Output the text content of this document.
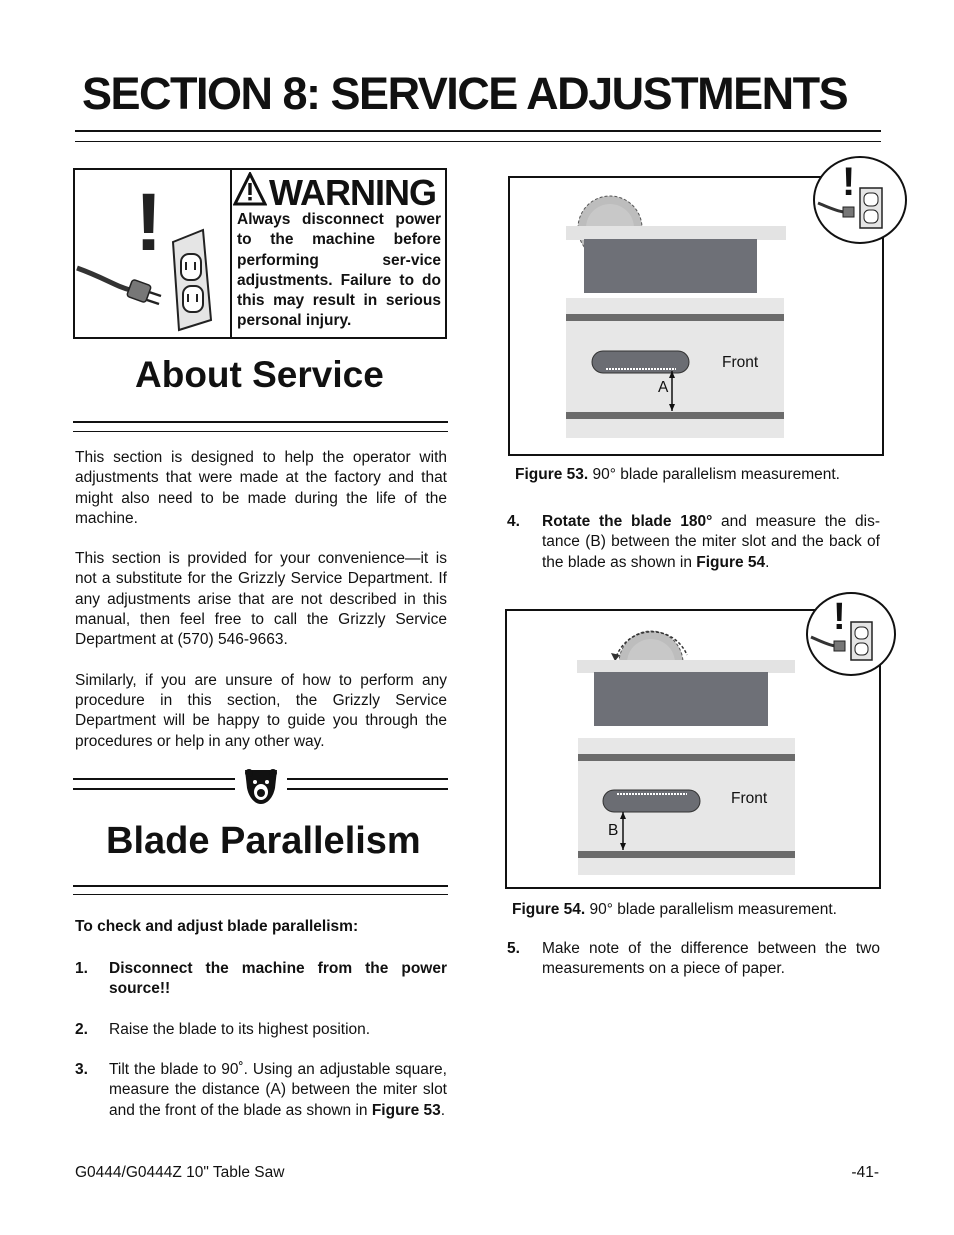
SECTION 8: SERVICE ADJUSTMENTS
!	WARNING
Always disconnect power to the machine before performing ser-vice adjustments. Failure to do this may result in serious personal injury.
About Service

This section is designed to help the operator with adjustments that were made at the factory and that might also need to be made during the life of the machine.

This section is provided for your convenience—it is not a substitute for the Grizzly Service Department. If any adjustments arise that are not described in this manual, then feel free to call the Grizzly Service Department at (570) 546-9663.

Similarly, if you are unsure of how to perform any procedure in this section, the Grizzly Service Department will be happy to guide you through the procedures or help in any other way.

Blade Parallelism
To check and adjust blade parallelism:
1. Disconnect the machine from the power source!!
2. Raise the blade to its highest position.
3. Tilt the blade to 90˚. Using an adjustable square, measure the distance (A) between the miter slot and the front of the blade as shown in Figure 53.
Front
A
!
Figure 53. 90° blade parallelism measurement.
4. Rotate the blade 180° and measure the dis-tance (B) between the miter slot and the back of the blade as shown in Figure 54.
Front
B
!
Figure 54. 90° blade parallelism measurement.
5. Make note of the difference between the two measurements on a piece of paper.
G0444/G0444Z 10" Table Saw	-41-
